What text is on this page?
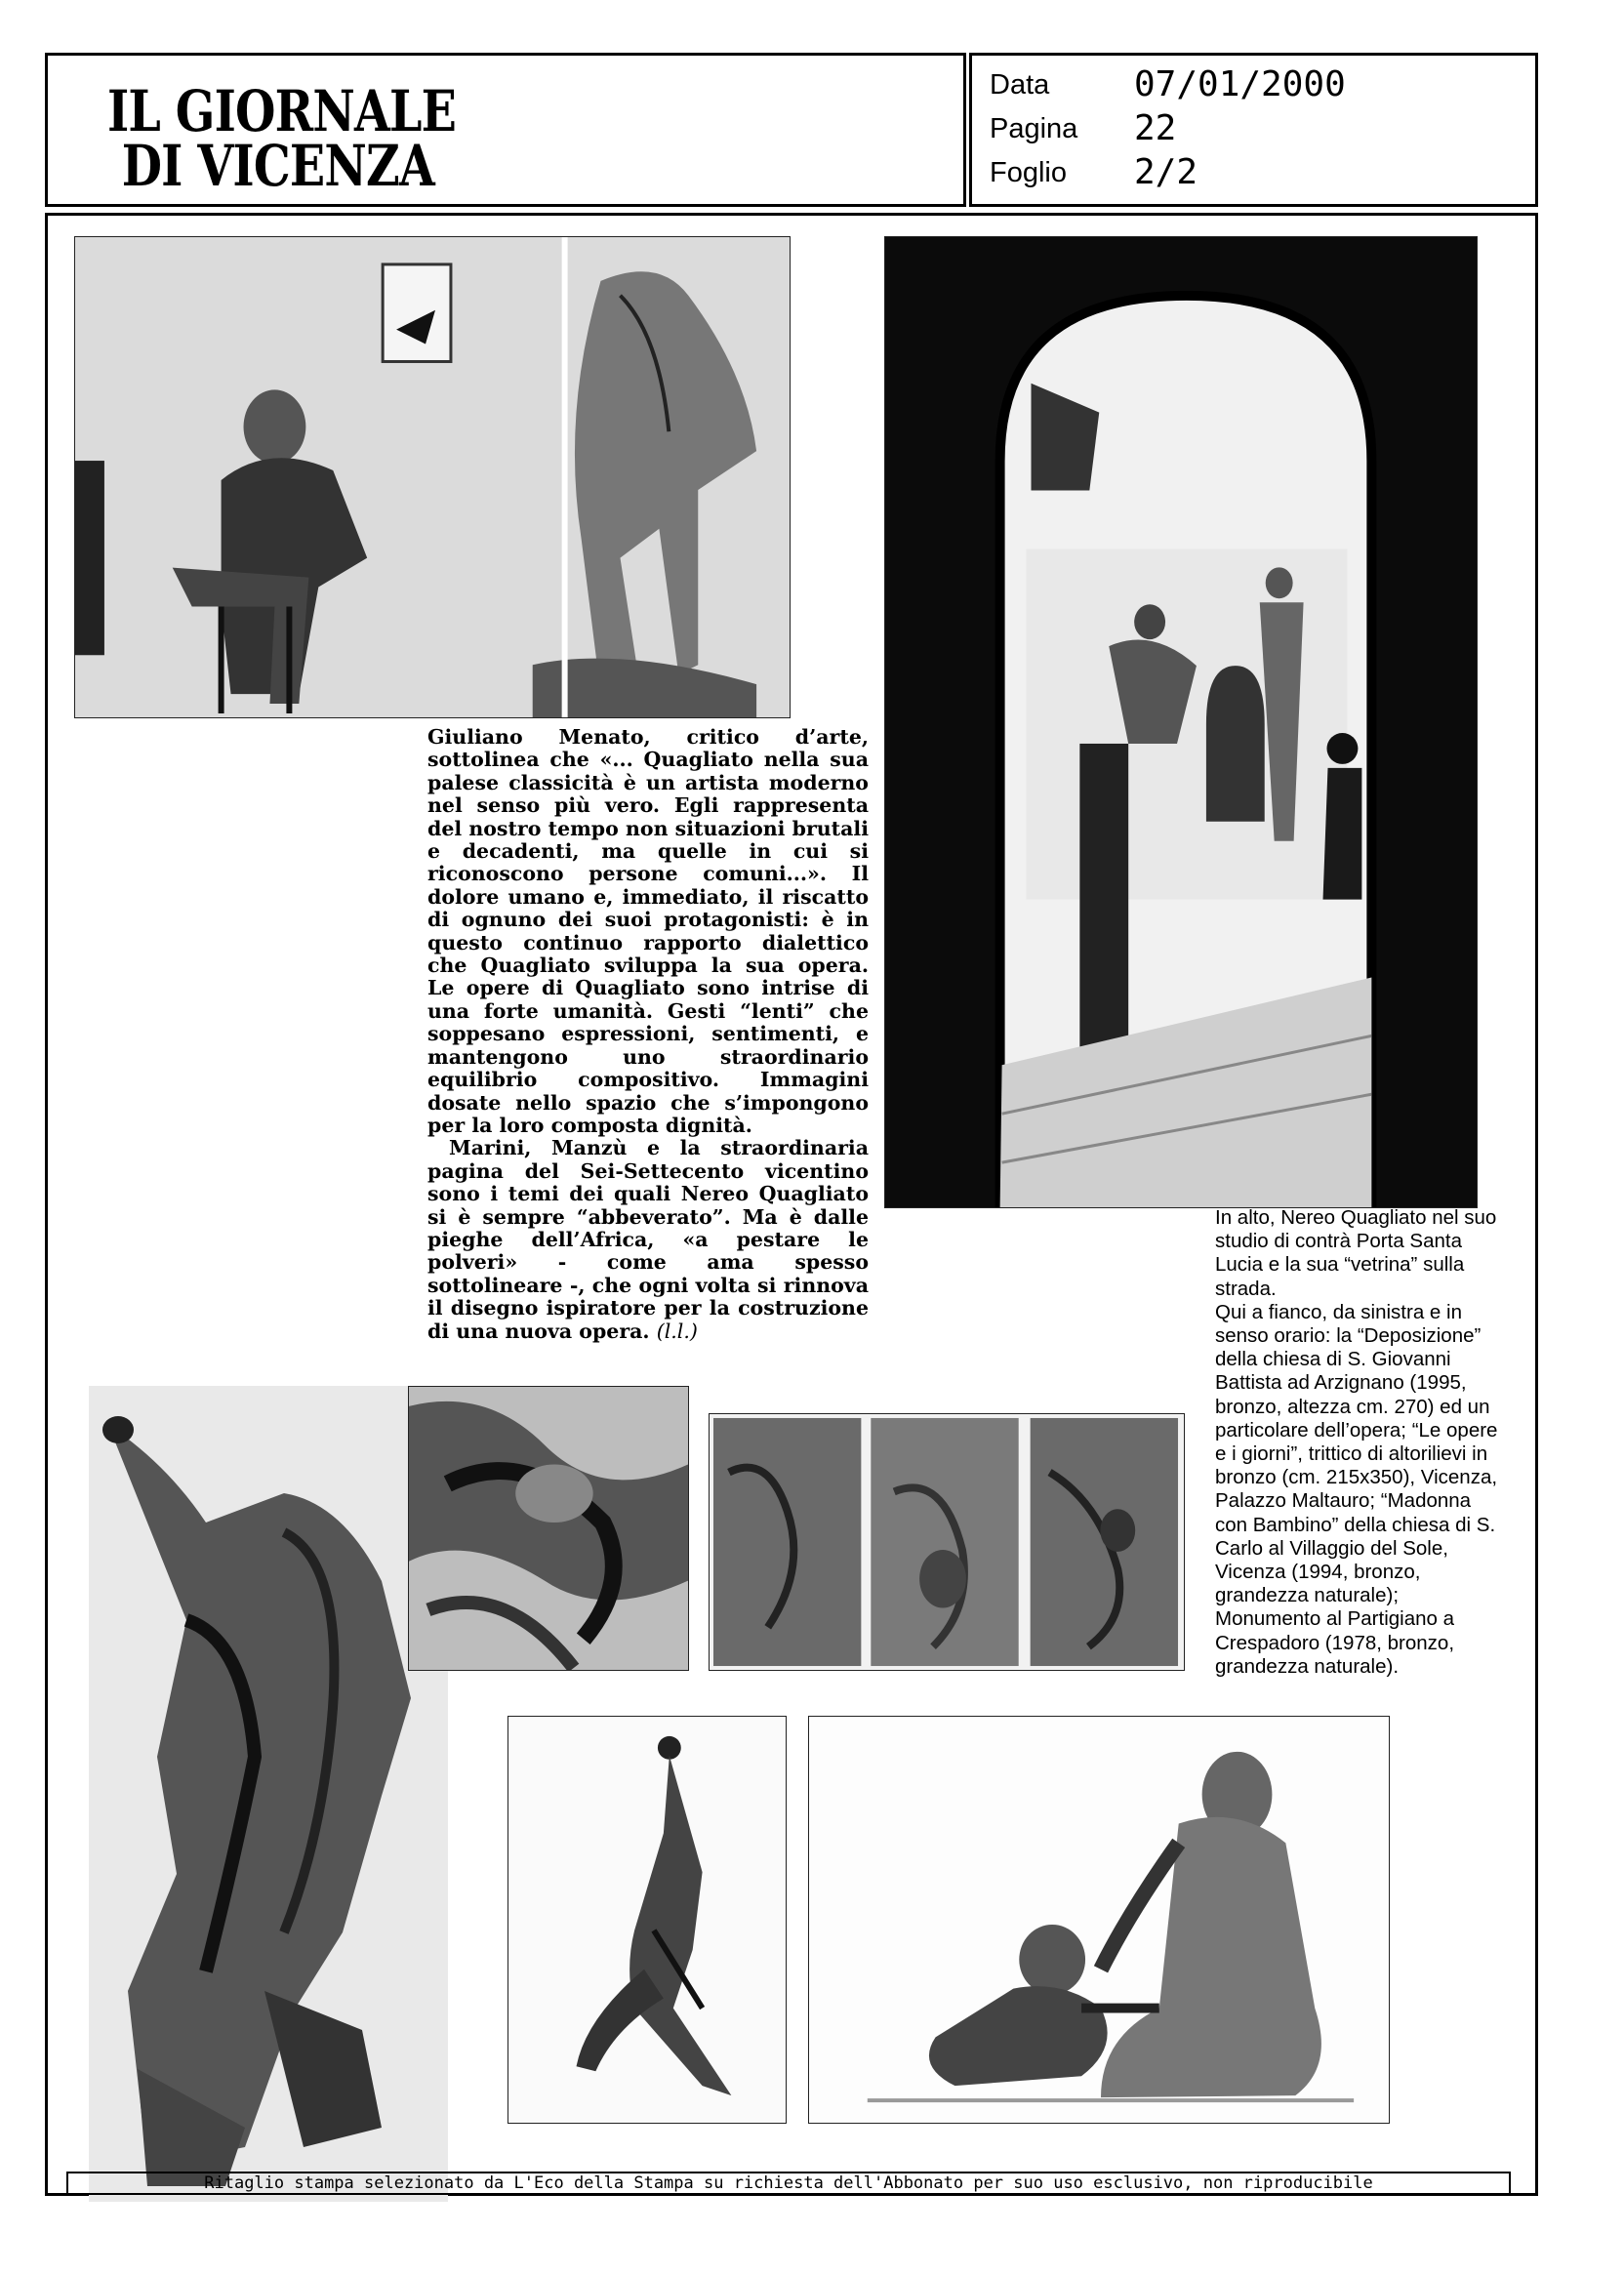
IL GIORNALE
DI VICENZA
Data 07/01/2000
Pagina 22
Foglio 2/2

Giuliano Menato, critico d’arte, sottolinea che «... Quagliato nella sua palese classicità è un artista moderno nel senso più vero. Egli rappresenta del nostro tempo non situazioni brutali e decadenti, ma quelle in cui si riconoscono persone comuni...». Il dolore umano e, immediato, il riscatto di ognuno dei suoi protagonisti: è in questo continuo rapporto dialettico che Quagliato sviluppa la sua opera. Le opere di Quagliato sono intrise di una forte umanità. Gesti “lenti” che soppesano espressioni, sentimenti, e mantengono uno straordinario equilibrio compositivo. Immagini dosate nello spazio che s’impongono per la loro composta dignità.

Marini, Manzù e la straordinaria pagina del Sei-Settecento vicentino sono i temi dei quali Nereo Quagliato si è sempre “abbeverato”. Ma è dalle pieghe dell’Africa, «a pestare le polveri» - come ama spesso sottolineare -, che ogni volta si rinnova il disegno ispiratore per la costruzione di una nuova opera. (l.l.)

In alto, Nereo Quagliato nel suo studio di contrà Porta Santa Lucia e la sua “vetrina” sulla strada.

Qui a fianco, da sinistra e in senso orario: la “Deposizione” della chiesa di S. Giovanni Battista ad Arzignano (1995, bronzo, altezza cm. 270) ed un particolare dell’opera; “Le opere e i giorni”, trittico di altorilievi in bronzo (cm. 215x350), Vicenza, Palazzo Maltauro; “Madonna con Bambino” della chiesa di S. Carlo al Villaggio del Sole, Vicenza (1994, bronzo, grandezza naturale); Monumento al Partigiano a Crespadoro (1978, bronzo, grandezza naturale).

Ritaglio stampa selezionato da L'Eco della Stampa su richiesta dell'Abbonato per suo uso esclusivo, non riproducibile
